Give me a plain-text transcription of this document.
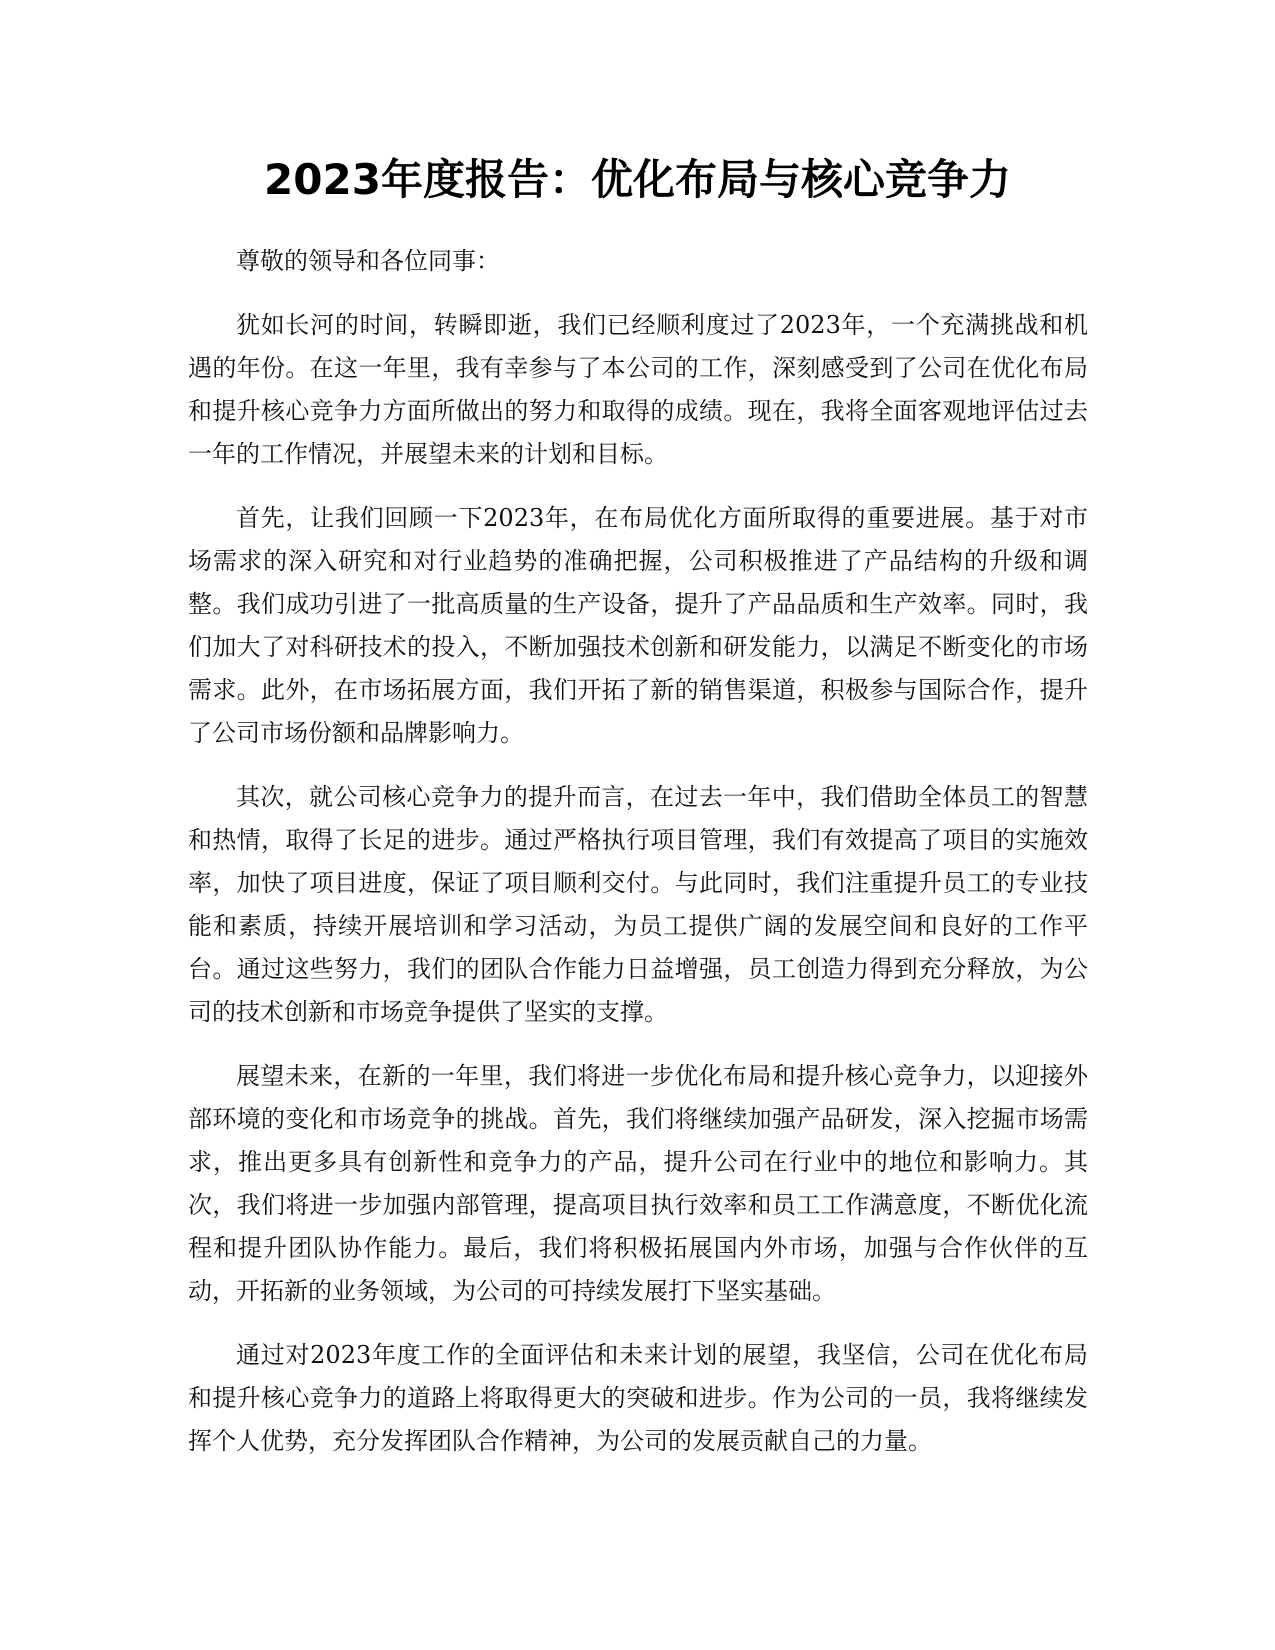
2023年度报告：优化布局与核心竞争力

尊敬的领导和各位同事：

犹如长河的时间，转瞬即逝，我们已经顺利度过了2023年，一个充满挑战和机遇的年份。在这一年里，我有幸参与了本公司的工作，深刻感受到了公司在优化布局和提升核心竞争力方面所做出的努力和取得的成绩。现在，我将全面客观地评估过去一年的工作情况，并展望未来的计划和目标。

首先，让我们回顾一下2023年，在布局优化方面所取得的重要进展。基于对市场需求的深入研究和对行业趋势的准确把握，公司积极推进了产品结构的升级和调整。我们成功引进了一批高质量的生产设备，提升了产品品质和生产效率。同时，我们加大了对科研技术的投入，不断加强技术创新和研发能力，以满足不断变化的市场需求。此外，在市场拓展方面，我们开拓了新的销售渠道，积极参与国际合作，提升了公司市场份额和品牌影响力。

其次，就公司核心竞争力的提升而言，在过去一年中，我们借助全体员工的智慧和热情，取得了长足的进步。通过严格执行项目管理，我们有效提高了项目的实施效率，加快了项目进度，保证了项目顺利交付。与此同时，我们注重提升员工的专业技能和素质，持续开展培训和学习活动，为员工提供广阔的发展空间和良好的工作平台。通过这些努力，我们的团队合作能力日益增强，员工创造力得到充分释放，为公司的技术创新和市场竞争提供了坚实的支撑。

展望未来，在新的一年里，我们将进一步优化布局和提升核心竞争力，以迎接外部环境的变化和市场竞争的挑战。首先，我们将继续加强产品研发，深入挖掘市场需求，推出更多具有创新性和竞争力的产品，提升公司在行业中的地位和影响力。其次，我们将进一步加强内部管理，提高项目执行效率和员工工作满意度，不断优化流程和提升团队协作能力。最后，我们将积极拓展国内外市场，加强与合作伙伴的互动，开拓新的业务领域，为公司的可持续发展打下坚实基础。

通过对2023年度工作的全面评估和未来计划的展望，我坚信，公司在优化布局和提升核心竞争力的道路上将取得更大的突破和进步。作为公司的一员，我将继续发挥个人优势，充分发挥团队合作精神，为公司的发展贡献自己的力量。
